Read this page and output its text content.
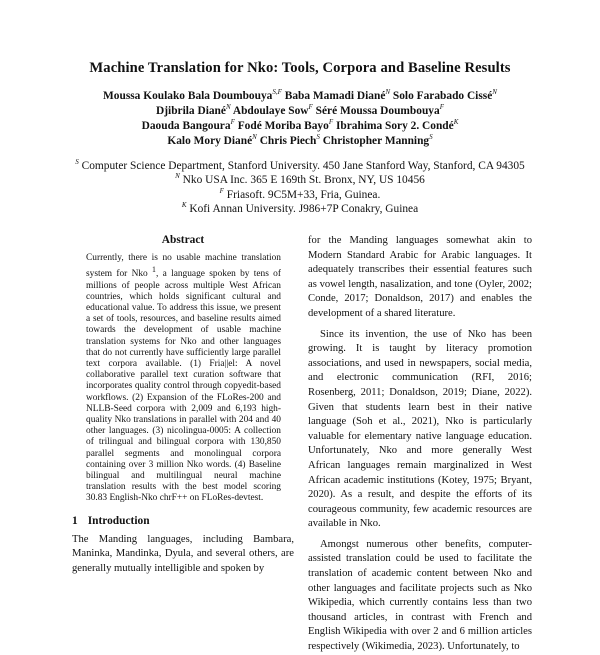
Machine Translation for Nko: Tools, Corpora and Baseline Results
Moussa Koulako Bala Doumbouya$^{S,F}$ Baba Mamadi Diané$^N$ Solo Farabado Cissé$^N$
Djibrila Diané$^N$ Abdoulaye Sow$^F$ Séré Moussa Doumbouya$^F$
Daouda Bangoura$^F$ Fodé Moriba Bayo$^F$ Ibrahima Sory 2. Condé$^K$
Kalo Mory Diané$^N$ Chris Piech$^S$ Christopher Manning$^S$
$^S$ Computer Science Department, Stanford University. 450 Jane Stanford Way, Stanford, CA 94305
$^N$ Nko USA Inc. 365 E 169th St. Bronx, NY, US 10456
$^F$ Friasoft. 9C5M+33, Fria, Guinea.
$^K$ Kofi Annan University. J986+7P Conakry, Guinea
Abstract

Currently, there is no usable machine translation system for Nko $^1$, a language spoken by tens of millions of people across multiple West African countries, which holds significant cultural and educational value. To address this issue, we present a set of tools, resources, and baseline results aimed towards the development of usable machine translation systems for Nko and other languages that do not currently have sufficiently large parallel text corpora available. (1) Fria||el: A novel collaborative parallel text curation software that incorporates quality control through copyedit-based workflows. (2) Expansion of the FLoRes-200 and NLLB-Seed corpora with 2,009 and 6,193 high-quality Nko translations in parallel with 204 and 40 other languages. (3) nicolingua-0005: A collection of trilingual and bilingual corpora with 130,850 parallel segments and monolingual corpora containing over 3 million Nko words. (4) Baseline bilingual and multilingual neural machine translation results with the best model scoring 30.83 English-Nko chrF++ on FLoRes-devtest.

1 Introduction

The Manding languages, including Bambara, Maninka, Mandinka, Dyula, and several others, are generally mutually intelligible and spoken by

for the Manding languages somewhat akin to Modern Standard Arabic for Arabic languages. It adequately transcribes their essential features such as vowel length, nasalization, and tone (Oyler, 2002; Conde, 2017; Donaldson, 2017) and enables the development of a shared literature.

Since its invention, the use of Nko has been growing. It is taught by literacy promotion associations, and used in newspapers, social media, and electronic communication (RFI, 2016; Rosenberg, 2011; Donaldson, 2019; Diane, 2022). Given that students learn best in their native language (Soh et al., 2021), Nko is particularly valuable for elementary native language education. Unfortunately, Nko and more generally West African languages remain marginalized in West African academic institutions (Kotey, 1975; Bryant, 2020). As a result, and despite the efforts of its courageous community, few academic resources are available in Nko.

Amongst numerous other benefits, computer-assisted translation could be used to facilitate the translation of academic content between Nko and other languages and facilitate projects such as Nko Wikipedia, which currently contains less than two thousand articles, in contrast with French and English Wikipedia with over 2 and 6 million articles respectively (Wikimedia, 2023). Unfortunately, to
